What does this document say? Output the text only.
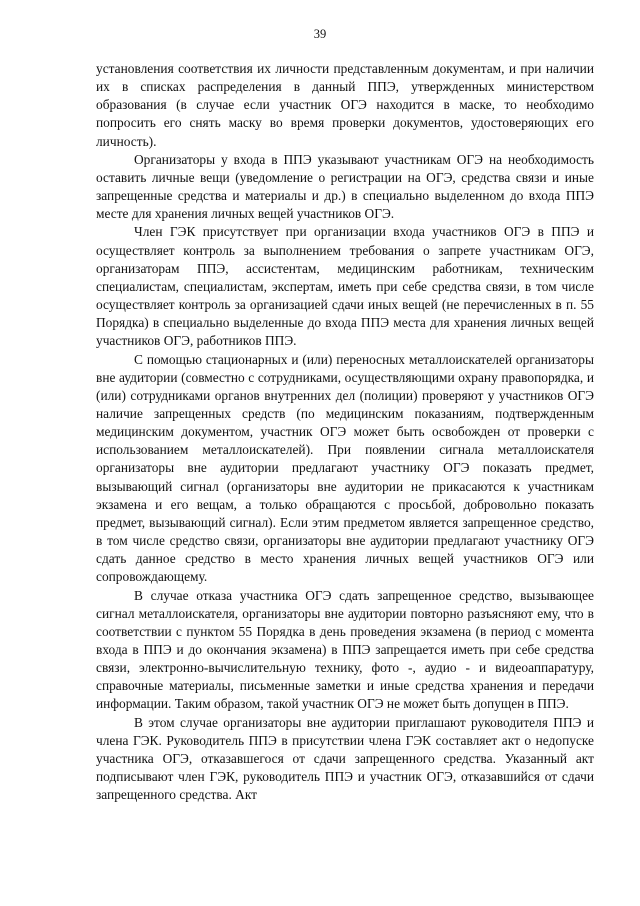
39

установления соответствия их личности представленным документам, и при наличии их в списках распределения в данный ППЭ, утвержденных министерством образования (в случае если участник ОГЭ находится в маске, то необходимо попросить его снять маску во время проверки документов, удостоверяющих его личность).

Организаторы у входа в ППЭ указывают участникам ОГЭ на необходимость оставить личные вещи (уведомление о регистрации на ОГЭ, средства связи и иные запрещенные средства и материалы и др.) в специально выделенном до входа ППЭ месте для хранения личных вещей участников ОГЭ.

Член ГЭК присутствует при организации входа участников ОГЭ в ППЭ и осуществляет контроль за выполнением требования о запрете участникам ОГЭ, организаторам ППЭ, ассистентам, медицинским работникам, техническим специалистам, специалистам, экспертам, иметь при себе средства связи, в том числе осуществляет контроль за организацией сдачи иных вещей (не перечисленных в п. 55 Порядка) в специально выделенные до входа ППЭ места для хранения личных вещей участников ОГЭ, работников ППЭ.

С помощью стационарных и (или) переносных металлоискателей организаторы вне аудитории (совместно с сотрудниками, осуществляющими охрану правопорядка, и (или) сотрудниками органов внутренних дел (полиции) проверяют у участников ОГЭ наличие запрещенных средств (по медицинским показаниям, подтвержденным медицинским документом, участник ОГЭ может быть освобожден от проверки с использованием металлоискателей). При появлении сигнала металлоискателя организаторы вне аудитории предлагают участнику ОГЭ показать предмет, вызывающий сигнал (организаторы вне аудитории не прикасаются к участникам экзамена и его вещам, а только обращаются с просьбой, добровольно показать предмет, вызывающий сигнал). Если этим предметом является запрещенное средство, в том числе средство связи, организаторы вне аудитории предлагают участнику ОГЭ сдать данное средство в место хранения личных вещей участников ОГЭ или сопровождающему.

В случае отказа участника ОГЭ сдать запрещенное средство, вызывающее сигнал металлоискателя, организаторы вне аудитории повторно разъясняют ему, что в соответствии с пунктом 55 Порядка в день проведения экзамена (в период с момента входа в ППЭ и до окончания экзамена) в ППЭ запрещается иметь при себе средства связи, электронно-вычислительную технику, фото -, аудио - и видеоаппаратуру, справочные материалы, письменные заметки и иные средства хранения и передачи информации. Таким образом, такой участник ОГЭ не может быть допущен в ППЭ.

В этом случае организаторы вне аудитории приглашают руководителя ППЭ и члена ГЭК. Руководитель ППЭ в присутствии члена ГЭК составляет акт о недопуске участника ОГЭ, отказавшегося от сдачи запрещенного средства. Указанный акт подписывают член ГЭК, руководитель ППЭ и участник ОГЭ, отказавшийся от сдачи запрещенного средства. Акт
